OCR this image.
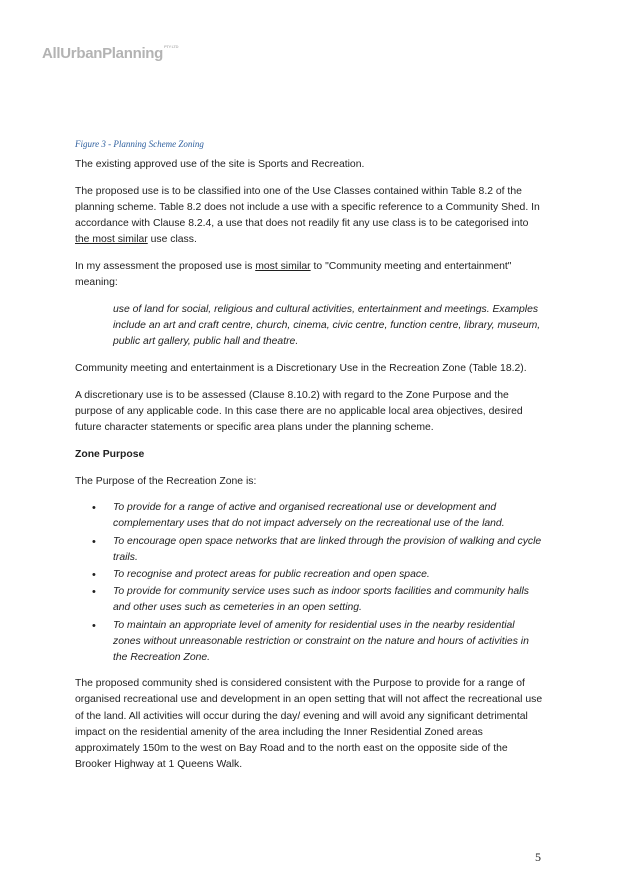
AllUrbanPlanning$^{PTY LTD}$
Figure 3 - Planning Scheme Zoning

The existing approved use of the site is Sports and Recreation.

The proposed use is to be classified into one of the Use Classes contained within Table 8.2 of the planning scheme. Table 8.2 does not include a use with a specific reference to a Community Shed. In accordance with Clause 8.2.4, a use that does not readily fit any use class is to be categorised into the most similar use class.

In my assessment the proposed use is most similar to "Community meeting and entertainment" meaning:

use of land for social, religious and cultural activities, entertainment and meetings. Examples include an art and craft centre, church, cinema, civic centre, function centre, library, museum, public art gallery, public hall and theatre.

Community meeting and entertainment is a Discretionary Use in the Recreation Zone (Table 18.2).

A discretionary use is to be assessed (Clause 8.10.2) with regard to the Zone Purpose and the purpose of any applicable code. In this case there are no applicable local area objectives, desired future character statements or specific area plans under the planning scheme.

Zone Purpose

The Purpose of the Recreation Zone is:

• To provide for a range of active and organised recreational use or development and complementary uses that do not impact adversely on the recreational use of the land.
• To encourage open space networks that are linked through the provision of walking and cycle trails.
• To recognise and protect areas for public recreation and open space.
• To provide for community service uses such as indoor sports facilities and community halls and other uses such as cemeteries in an open setting.
• To maintain an appropriate level of amenity for residential uses in the nearby residential zones without unreasonable restriction or constraint on the nature and hours of activities in the Recreation Zone.

The proposed community shed is considered consistent with the Purpose to provide for a range of organised recreational use and development in an open setting that will not affect the recreational use of the land. All activities will occur during the day/ evening and will avoid any significant detrimental impact on the residential amenity of the area including the Inner Residential Zoned areas approximately 150m to the west on Bay Road and to the north east on the opposite side of the Brooker Highway at 1 Queens Walk.

5
